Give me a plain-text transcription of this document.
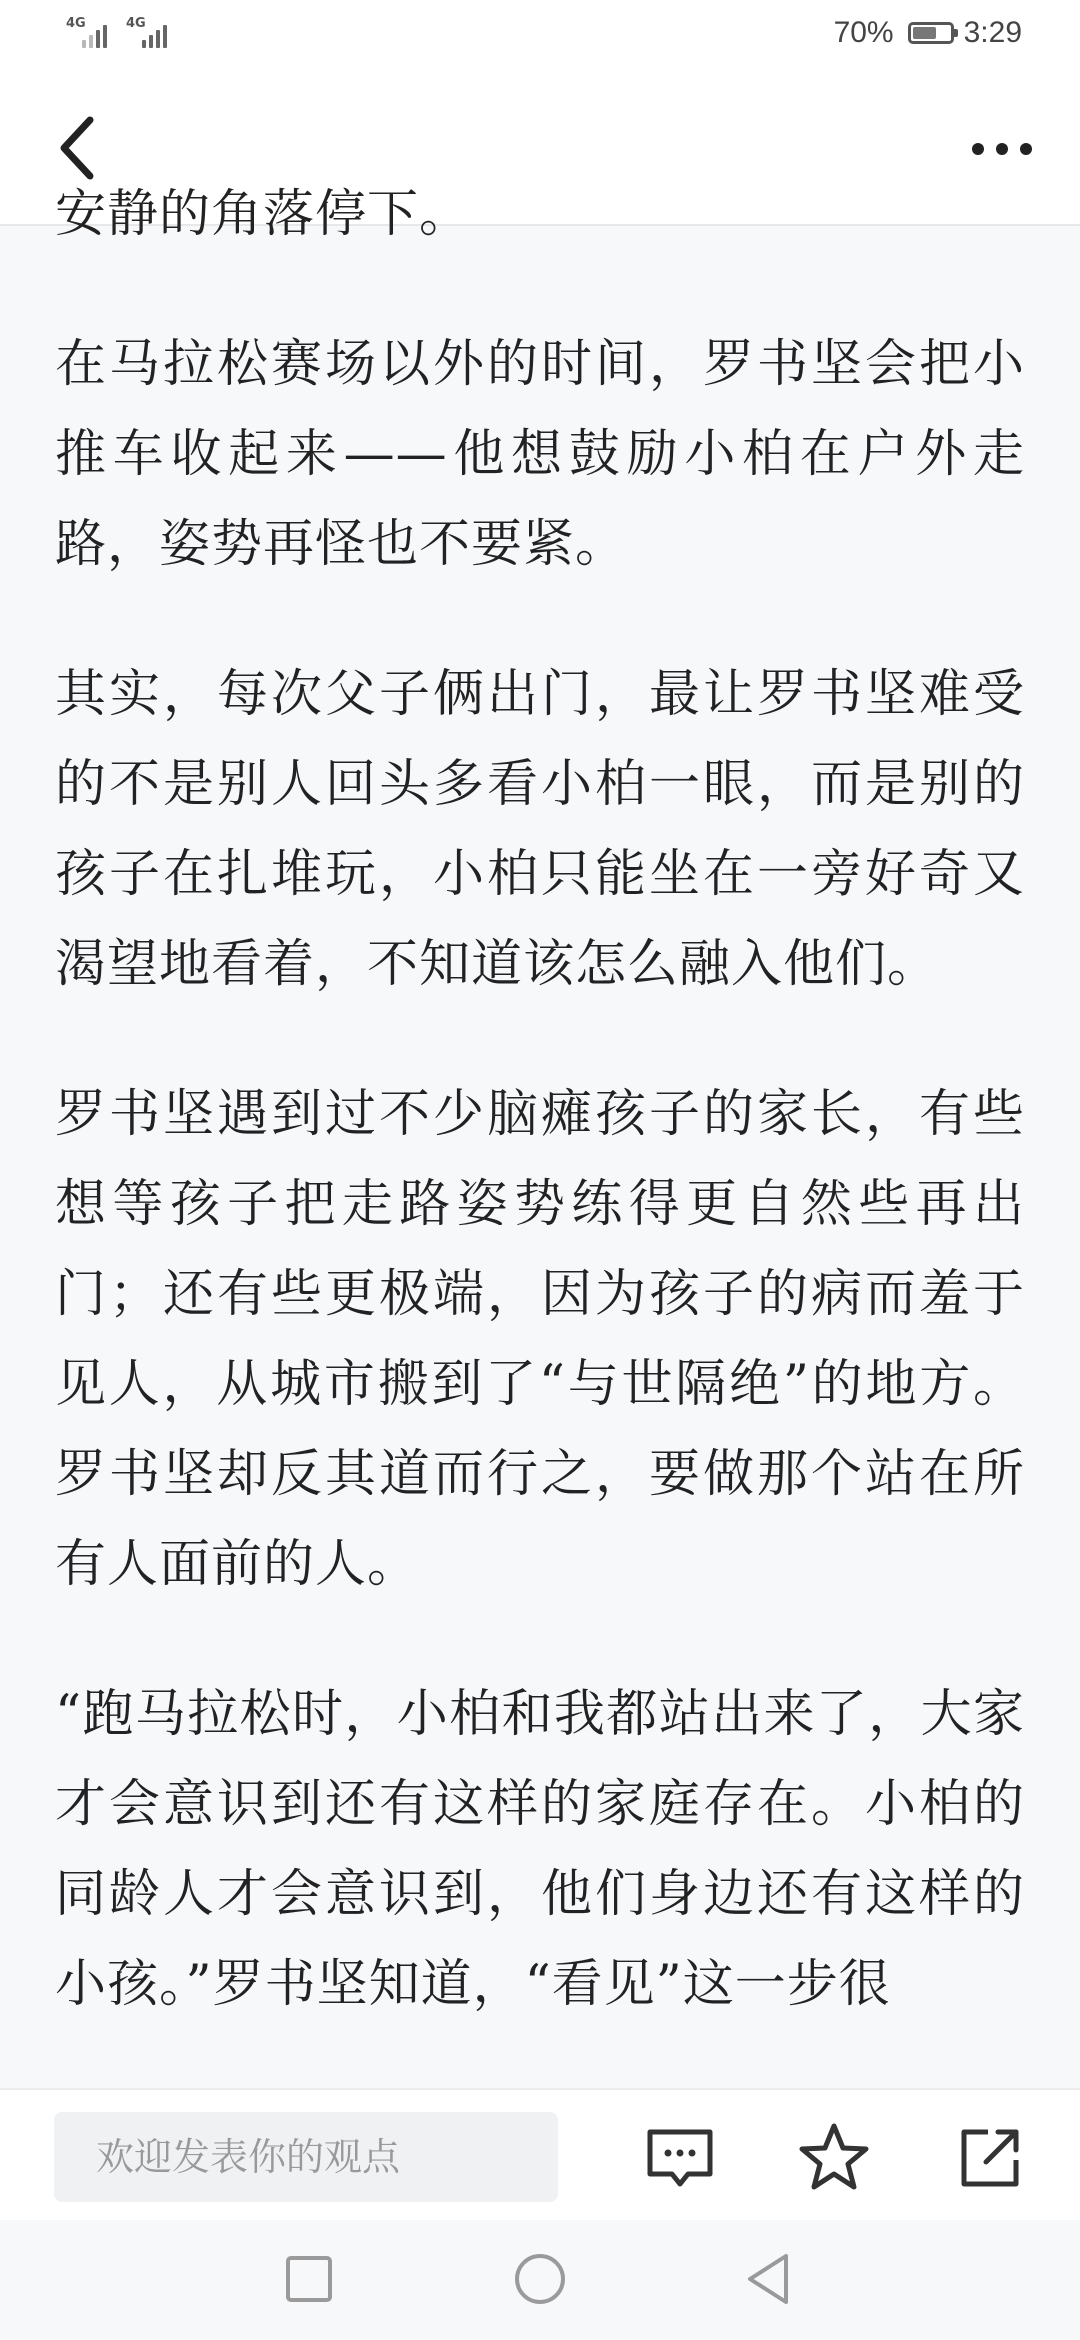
4G	4G	70% 3:29

安静的角落停下。

在马拉松赛场以外的时间，罗书坚会把小推车收起来——他想鼓励小柏在户外走路，姿势再怪也不要紧。

其实，每次父子俩出门，最让罗书坚难受的不是别人回头多看小柏一眼，而是别的孩子在扎堆玩，小柏只能坐在一旁好奇又渴望地看着，不知道该怎么融入他们。

罗书坚遇到过不少脑瘫孩子的家长，有些想等孩子把走路姿势练得更自然些再出门；还有些更极端，因为孩子的病而羞于见人，从城市搬到了“与世隔绝”的地方。罗书坚却反其道而行之，要做那个站在所有人面前的人。

“跑马拉松时，小柏和我都站出来了，大家才会意识到还有这样的家庭存在。小柏的同龄人才会意识到，他们身边还有这样的小孩。”罗书坚知道，“看见”这一步很

欢迎发表你的观点
